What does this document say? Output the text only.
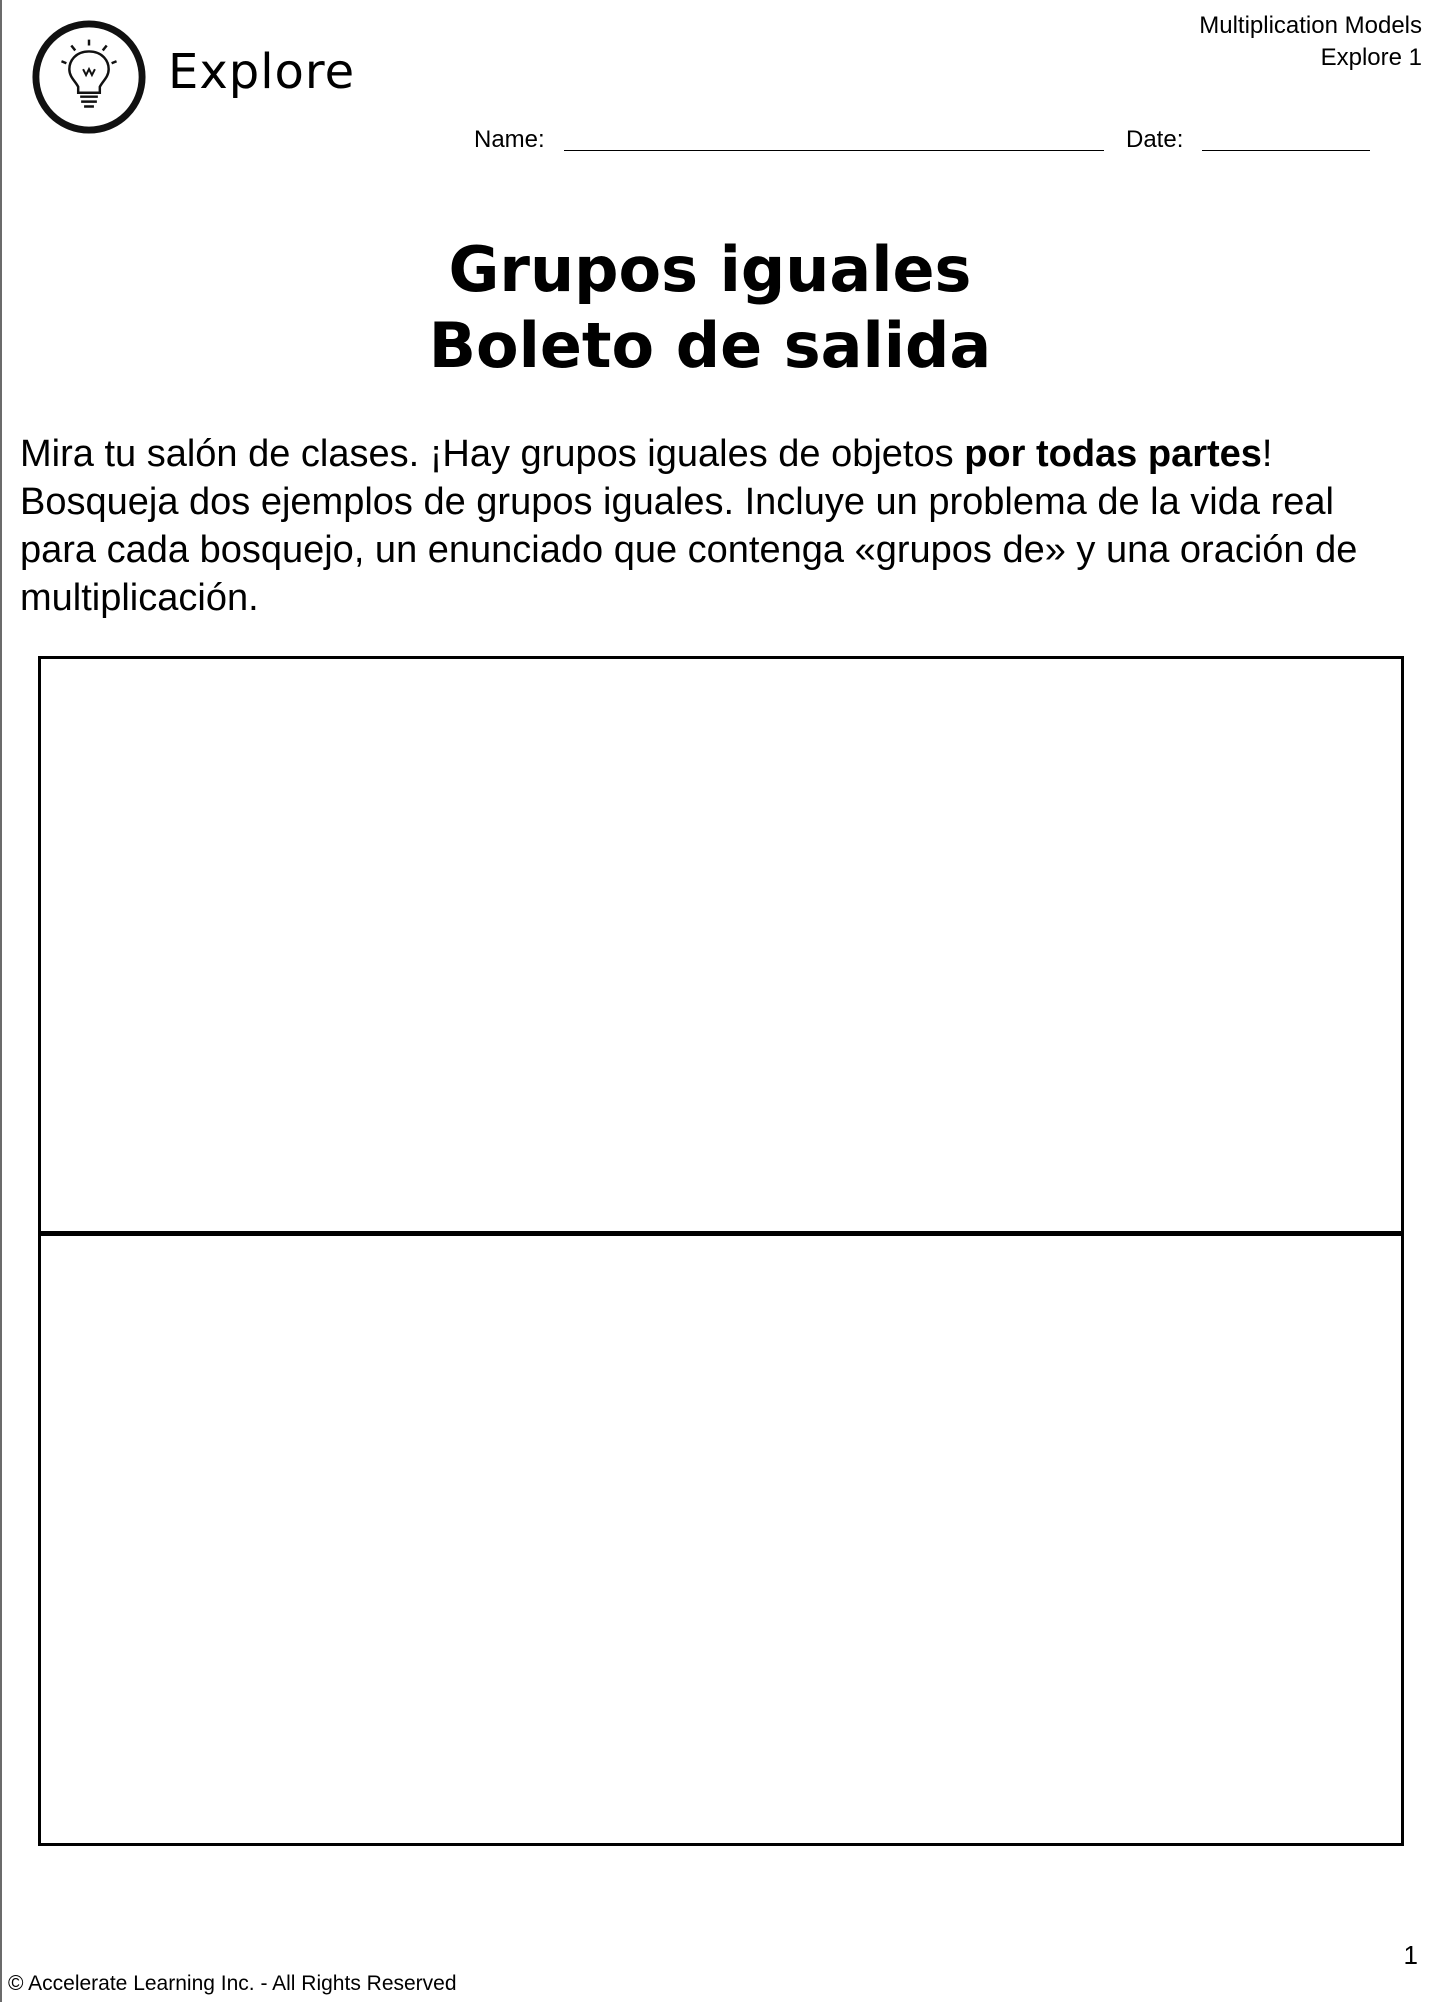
Explore
Multiplication Models
Explore 1
Name:	Date:
Grupos iguales
Boleto de salida
Mira tu salón de clases. ¡Hay grupos iguales de objetos por todas partes! Bosqueja dos ejemplos de grupos iguales. Incluye un problema de la vida real para cada bosquejo, un enunciado que contenga «grupos de» y una oración de multiplicación.
1
© Accelerate Learning Inc. - All Rights Reserved
